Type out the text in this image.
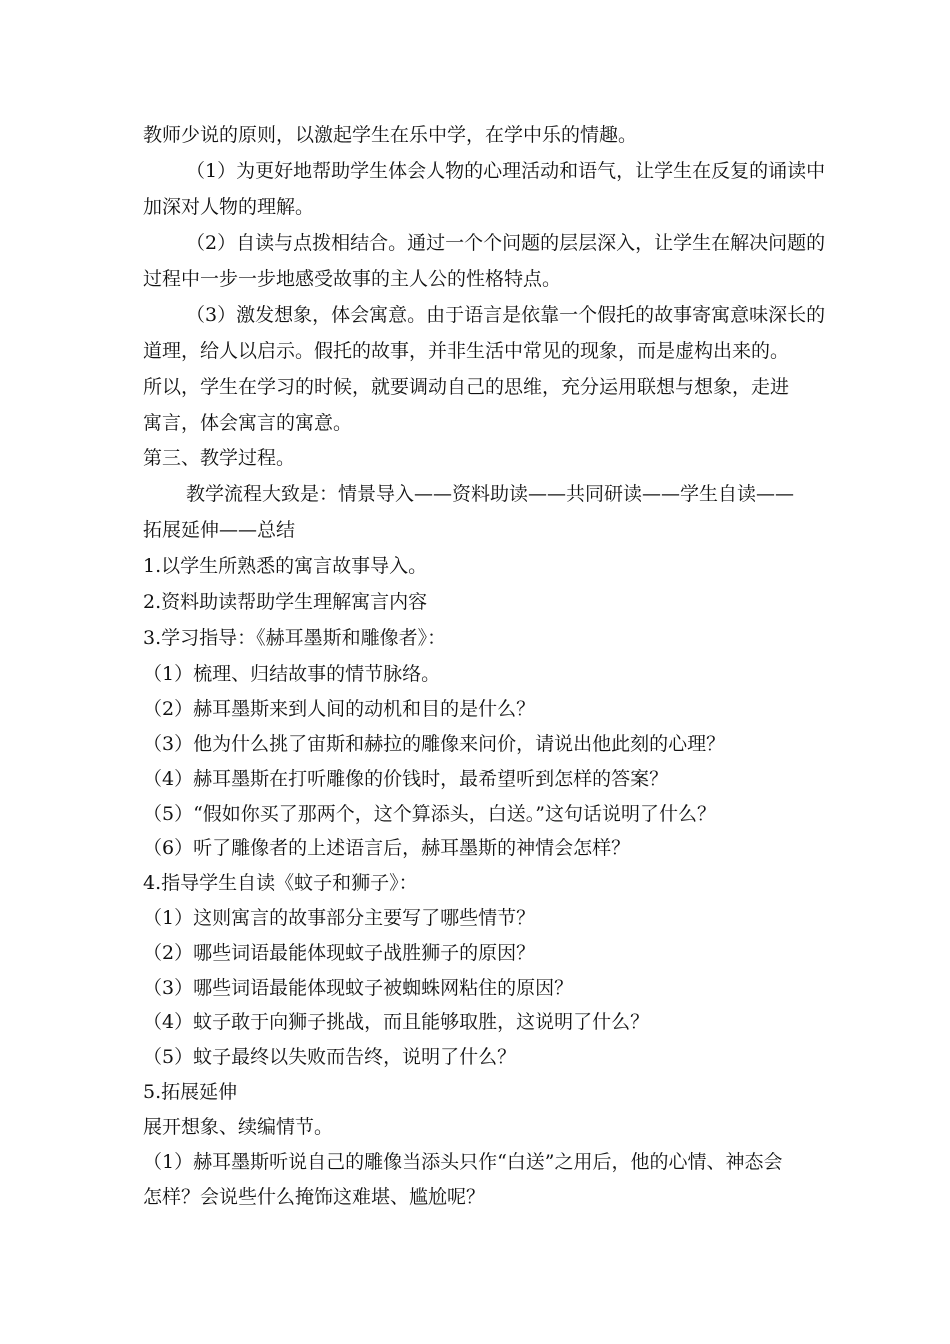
教师少说的原则，以激起学生在乐中学，在学中乐的情趣。

（1）为更好地帮助学生体会人物的心理活动和语气，让学生在反复的诵读中

加深对人物的理解。

（2）自读与点拨相结合。通过一个个问题的层层深入，让学生在解决问题的

过程中一步一步地感受故事的主人公的性格特点。

（3）激发想象，体会寓意。由于语言是依靠一个假托的故事寄寓意味深长的

道理，给人以启示。假托的故事，并非生活中常见的现象，而是虚构出来的。

所以，学生在学习的时候，就要调动自己的思维，充分运用联想与想象，走进

寓言，体会寓言的寓意。

第三、教学过程。

教学流程大致是：情景导入——资料助读——共同研读——学生自读——

拓展延伸——总结

1.以学生所熟悉的寓言故事导入。

2.资料助读帮助学生理解寓言内容

3.学习指导：《赫耳墨斯和雕像者》：

（1）梳理、归结故事的情节脉络。

（2）赫耳墨斯来到人间的动机和目的是什么？

（3）他为什么挑了宙斯和赫拉的雕像来问价，请说出他此刻的心理？

（4）赫耳墨斯在打听雕像的价钱时，最希望听到怎样的答案？

（5）“假如你买了那两个，这个算添头，白送。”这句话说明了什么？

（6）听了雕像者的上述语言后，赫耳墨斯的神情会怎样？

4.指导学生自读《蚊子和狮子》：

（1）这则寓言的故事部分主要写了哪些情节？

（2）哪些词语最能体现蚊子战胜狮子的原因？

（3）哪些词语最能体现蚊子被蜘蛛网粘住的原因？

（4）蚊子敢于向狮子挑战，而且能够取胜，这说明了什么？

（5）蚊子最终以失败而告终，说明了什么？

5.拓展延伸

展开想象、续编情节。

（1）赫耳墨斯听说自己的雕像当添头只作“白送”之用后，他的心情、神态会

怎样？会说些什么掩饰这难堪、尴尬呢？
